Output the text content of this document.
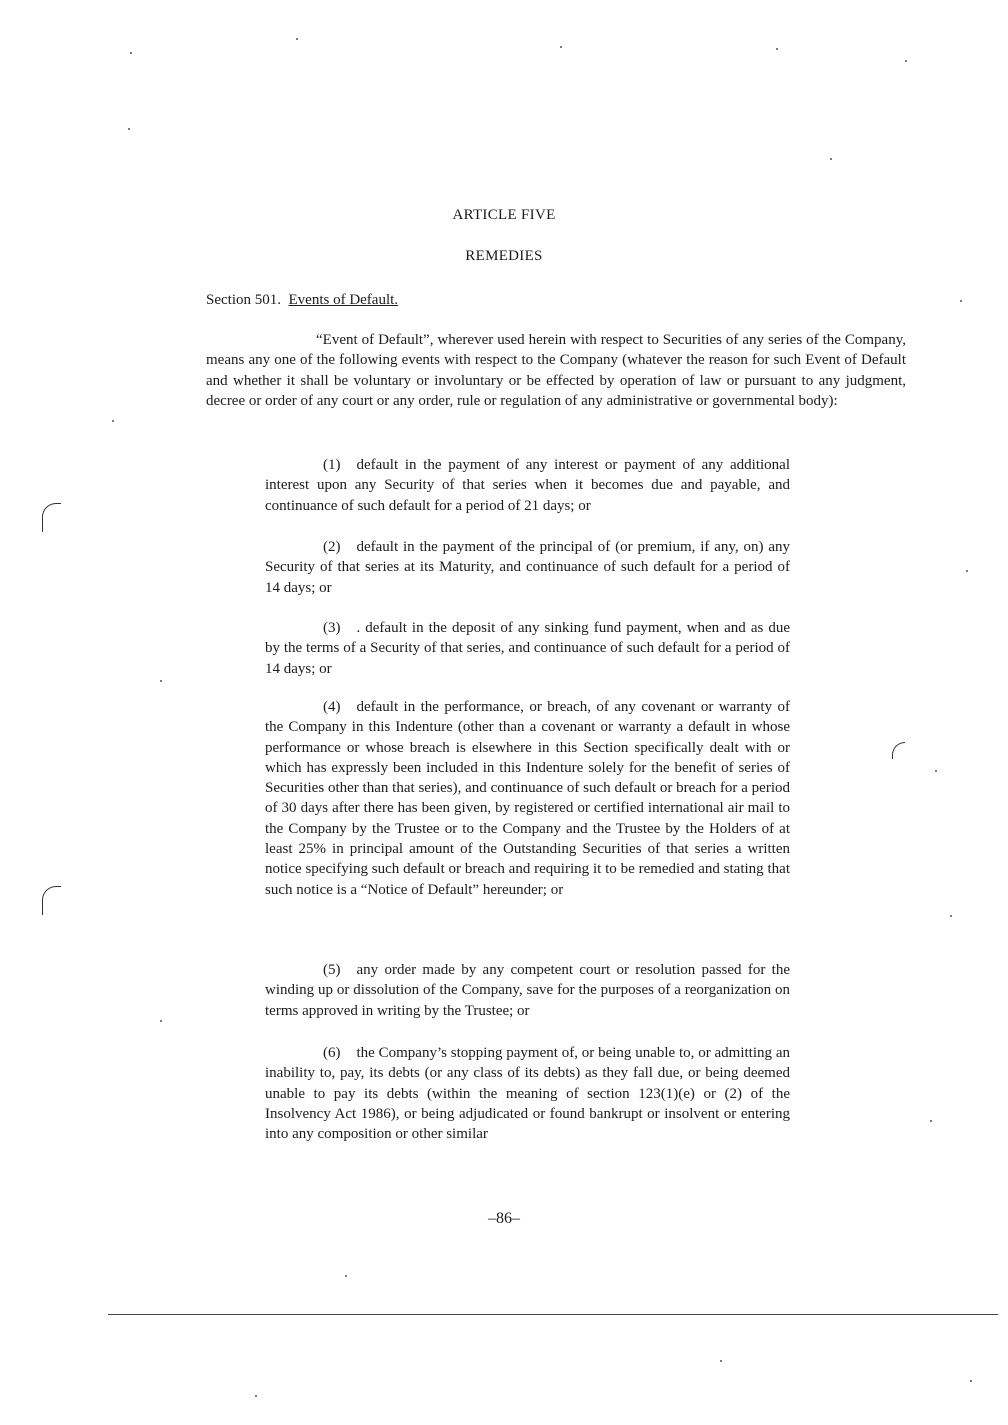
ARTICLE FIVE
REMEDIES
Section 501. Events of Default.

“Event of Default”, wherever used herein with respect to Securities of any series of the Company, means any one of the following events with respect to the Company (whatever the reason for such Event of Default and whether it shall be voluntary or involuntary or be effected by operation of law or pursuant to any judgment, decree or order of any court or any order, rule or regulation of any administrative or governmental body):

(1) default in the payment of any interest or payment of any additional interest upon any Security of that series when it becomes due and payable, and continuance of such default for a period of 21 days; or

(2) default in the payment of the principal of (or premium, if any, on) any Security of that series at its Maturity, and continuance of such default for a period of 14 days; or

(3) . default in the deposit of any sinking fund payment, when and as due by the terms of a Security of that series, and continuance of such default for a period of 14 days; or

(4) default in the performance, or breach, of any covenant or warranty of the Company in this Indenture (other than a covenant or warranty a default in whose performance or whose breach is elsewhere in this Section specifically dealt with or which has expressly been included in this Indenture solely for the benefit of series of Securities other than that series), and continuance of such default or breach for a period of 30 days after there has been given, by registered or certified international air mail to the Company by the Trustee or to the Company and the Trustee by the Holders of at least 25% in principal amount of the Outstanding Securities of that series a written notice specifying such default or breach and requiring it to be remedied and stating that such notice is a “Notice of Default” hereunder; or

(5) any order made by any competent court or resolution passed for the winding up or dissolution of the Company, save for the purposes of a reorganization on terms approved in writing by the Trustee; or

(6) the Company’s stopping payment of, or being unable to, or admitting an inability to, pay, its debts (or any class of its debts) as they fall due, or being deemed unable to pay its debts (within the meaning of section 123(1)(e) or (2) of the Insolvency Act 1986), or being adjudicated or found bankrupt or insolvent or entering into any composition or other similar

–86–
